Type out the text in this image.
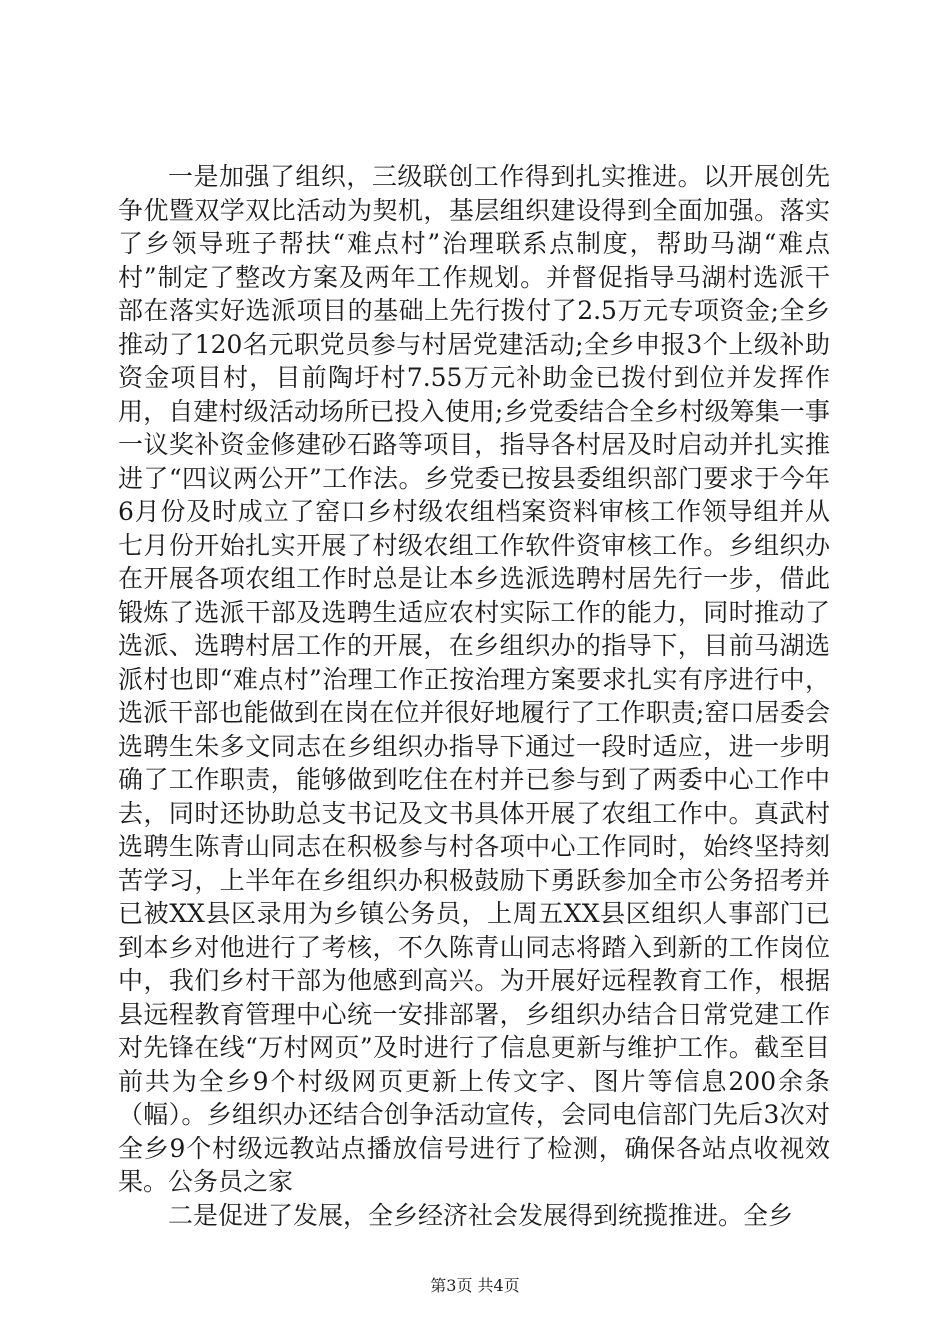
一是加强了组织，三级联创工作得到扎实推进。以开展创先争优暨双学双比活动为契机，基层组织建设得到全面加强。落实了乡领导班子帮扶“难点村”治理联系点制度，帮助马湖“难点村”制定了整改方案及两年工作规划。并督促指导马湖村选派干部在落实好选派项目的基础上先行拨付了2.5万元专项资金;全乡推动了120名元职党员参与村居党建活动;全乡申报3个上级补助资金项目村，目前陶圩村7.55万元补助金已拨付到位并发挥作用，自建村级活动场所已投入使用;乡党委结合全乡村级筹集一事一议奖补资金修建砂石路等项目，指导各村居及时启动并扎实推进了“四议两公开”工作法。乡党委已按县委组织部门要求于今年6月份及时成立了窑口乡村级农组档案资料审核工作领导组并从七月份开始扎实开展了村级农组工作软件资审核工作。乡组织办在开展各项农组工作时总是让本乡选派选聘村居先行一步，借此锻炼了选派干部及选聘生适应农村实际工作的能力，同时推动了选派、选聘村居工作的开展，在乡组织办的指导下，目前马湖选派村也即“难点村”治理工作正按治理方案要求扎实有序进行中，选派干部也能做到在岗在位并很好地履行了工作职责;窑口居委会选聘生朱多文同志在乡组织办指导下通过一段时适应，进一步明确了工作职责，能够做到吃住在村并已参与到了两委中心工作中去，同时还协助总支书记及文书具体开展了农组工作中。真武村选聘生陈青山同志在积极参与村各项中心工作同时，始终坚持刻苦学习，上半年在乡组织办积极鼓励下勇跃参加全市公务招考并已被XX县区录用为乡镇公务员，上周五XX县区组织人事部门已到本乡对他进行了考核，不久陈青山同志将踏入到新的工作岗位中，我们乡村干部为他感到高兴。为开展好远程教育工作，根据县远程教育管理中心统一安排部署，乡组织办结合日常党建工作对先锋在线“万村网页”及时进行了信息更新与维护工作。截至目前共为全乡9个村级网页更新上传文字、图片等信息200余条（幅）。乡组织办还结合创争活动宣传，会同电信部门先后3次对全乡9个村级远教站点播放信号进行了检测，确保各站点收视效果。公务员之家

二是促进了发展，全乡经济社会发展得到统揽推进。全乡

第3页 共4页
